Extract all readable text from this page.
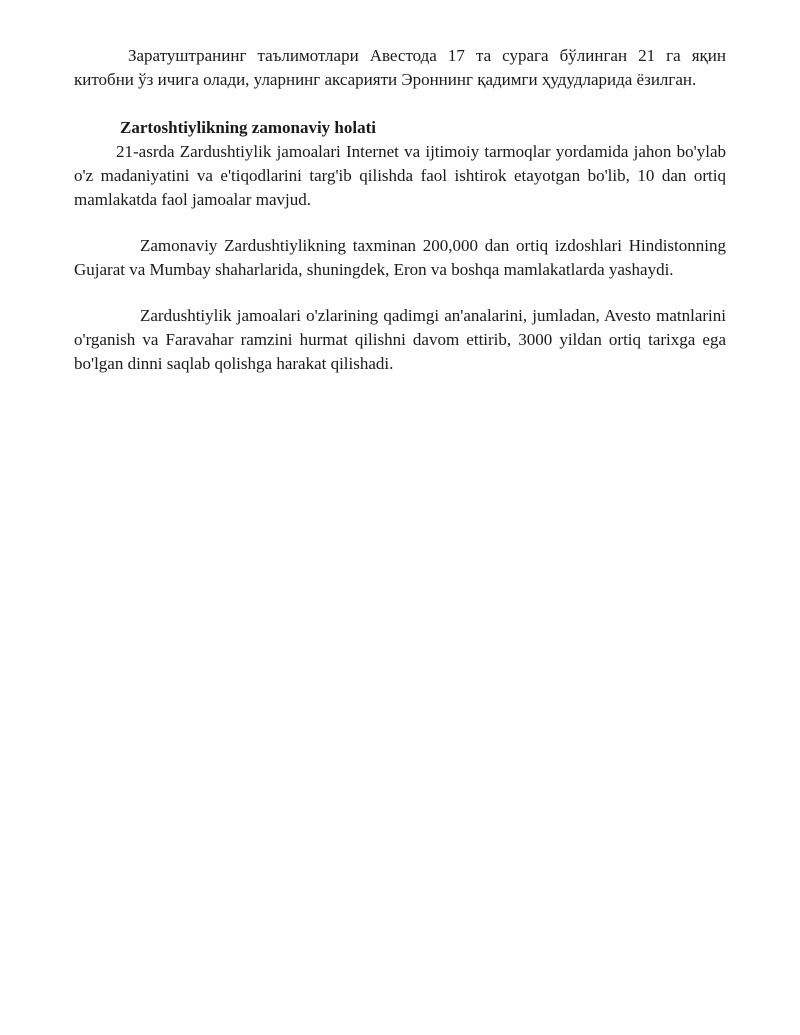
Заратуштранинг таълимотлари Авестода 17 та сурага бўлинган 21 га яқин китобни ўз ичига олади, уларнинг аксарияти Эроннинг қадимги ҳудудларида ёзилган.

Zartoshtiylikning zamonaviy holati

21-asrda Zardushtiylik jamoalari Internet va ijtimoiy tarmoqlar yordamida jahon bo'ylab o'z madaniyatini va e'tiqodlarini targ'ib qilishda faol ishtirok etayotgan bo'lib, 10 dan ortiq mamlakatda faol jamoalar mavjud.

Zamonaviy Zardushtiylikning taxminan 200,000 dan ortiq izdoshlari Hindistonning Gujarat va Mumbay shaharlarida, shuningdek, Eron va boshqa mamlakatlarda yashaydi.

Zardushtiylik jamoalari o'zlarining qadimgi an'analarini, jumladan, Avesto matnlarini o'rganish va Faravahar ramzini hurmat qilishni davom ettirib, 3000 yildan ortiq tarixga ega bo'lgan dinni saqlab qolishga harakat qilishadi.
